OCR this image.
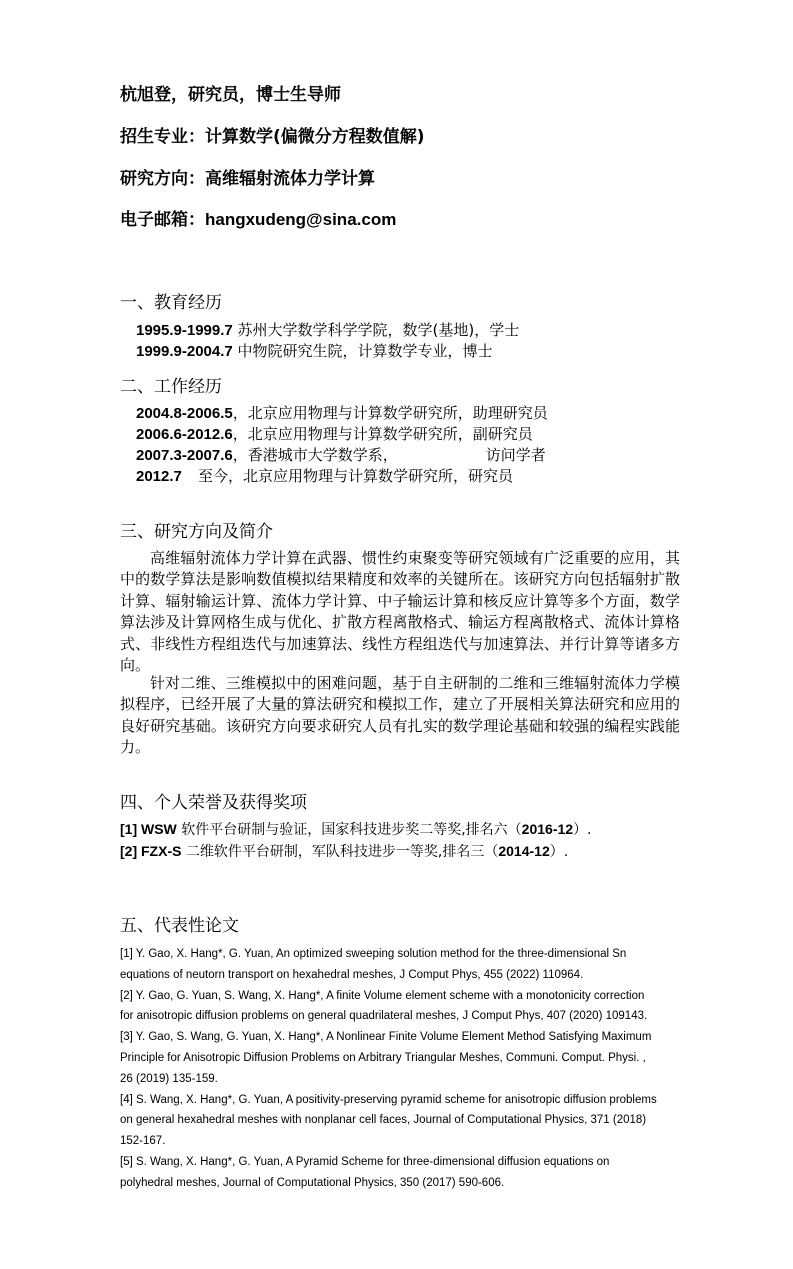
杭旭登，研究员，博士生导师
招生专业：计算数学(偏微分方程数值解)
研究方向：高维辐射流体力学计算
电子邮箱：hangxudeng@sina.com
一、教育经历
1995.9-1999.7 苏州大学数学科学学院，数学(基地)，学士
1999.9-2004.7 中物院研究生院，计算数学专业，博士
二、工作经历
2004.8-2006.5，北京应用物理与计算数学研究所，助理研究员
2006.6-2012.6，北京应用物理与计算数学研究所，副研究员
2007.3-2007.6，香港城市大学数学系，	访问学者
2012.7 至今，北京应用物理与计算数学研究所，研究员
三、研究方向及简介

高维辐射流体力学计算在武器、惯性约束聚变等研究领域有广泛重要的应用，其中的数学算法是影响数值模拟结果精度和效率的关键所在。该研究方向包括辐射扩散计算、辐射输运计算、流体力学计算、中子输运计算和核反应计算等多个方面，数学算法涉及计算网格生成与优化、扩散方程离散格式、输运方程离散格式、流体计算格式、非线性方程组迭代与加速算法、线性方程组迭代与加速算法、并行计算等诸多方向。

针对二维、三维模拟中的困难问题，基于自主研制的二维和三维辐射流体力学模拟程序，已经开展了大量的算法研究和模拟工作，建立了开展相关算法研究和应用的良好研究基础。该研究方向要求研究人员有扎实的数学理论基础和较强的编程实践能力。

四、个人荣誉及获得奖项
[1] WSW 软件平台研制与验证，国家科技进步奖二等奖,排名六（2016-12）.
[2] FZX-S 二维软件平台研制，军队科技进步一等奖,排名三（2014-12）.
五、代表性论文
[1] Y. Gao, X. Hang*, G. Yuan, An optimized sweeping solution method for the three-dimensional Sn
equations of neutorn transport on hexahedral meshes, J Comput Phys, 455 (2022) 110964.
[2] Y. Gao, G. Yuan, S. Wang, X. Hang*, A finite Volume element scheme with a monotonicity correction
for anisotropic diffusion problems on general quadrilateral meshes, J Comput Phys, 407 (2020) 109143.
[3] Y. Gao, S. Wang, G. Yuan, X. Hang*, A Nonlinear Finite Volume Element Method Satisfying Maximum
Principle for Anisotropic Diffusion Problems on Arbitrary Triangular Meshes, Communi. Comput. Physi. ,
26 (2019) 135-159.
[4] S. Wang, X. Hang*, G. Yuan, A positivity-preserving pyramid scheme for anisotropic diffusion problems
on general hexahedral meshes with nonplanar cell faces, Journal of Computational Physics, 371 (2018)
152-167.
[5] S. Wang, X. Hang*, G. Yuan, A Pyramid Scheme for three-dimensional diffusion equations on
polyhedral meshes, Journal of Computational Physics, 350 (2017) 590-606.
